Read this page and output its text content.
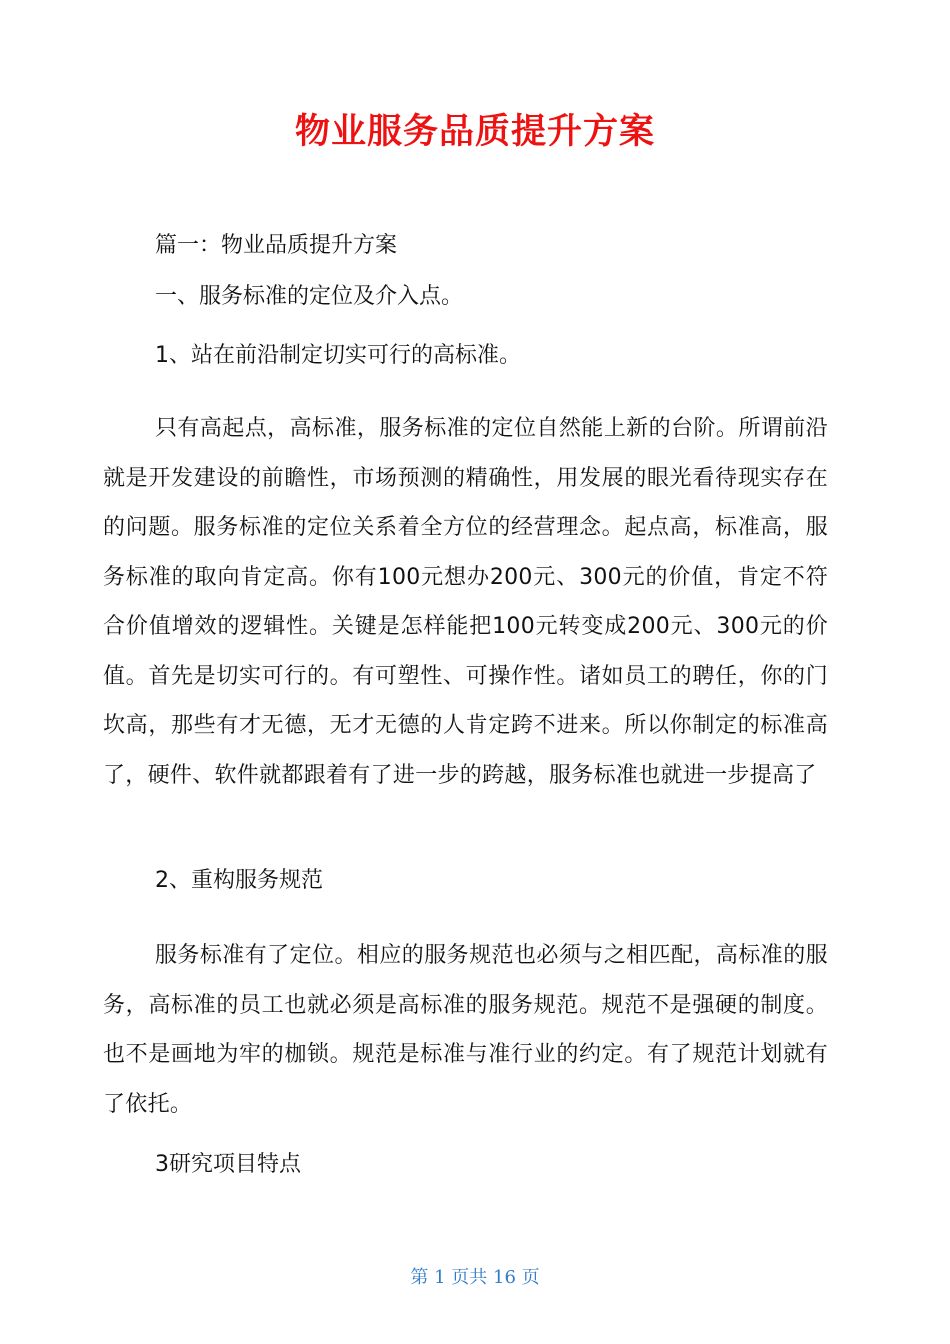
物业服务品质提升方案

篇一：物业品质提升方案

一、服务标准的定位及介入点。

1、站在前沿制定切实可行的高标准。

只有高起点，高标准，服务标准的定位自然能上新的台阶。所谓前沿就是开发建设的前瞻性，市场预测的精确性，用发展的眼光看待现实存在的问题。服务标准的定位关系着全方位的经营理念。起点高，标准高，服务标准的取向肯定高。你有100元想办200元、300元的价值，肯定不符合价值增效的逻辑性。关键是怎样能把100元转变成200元、300元的价值。首先是切实可行的。有可塑性、可操作性。诸如员工的聘任，你的门坎高，那些有才无德，无才无德的人肯定跨不进来。所以你制定的标准高了，硬件、软件就都跟着有了进一步的跨越，服务标准也就进一步提高了

2、重构服务规范

服务标准有了定位。相应的服务规范也必须与之相匹配，高标准的服务，高标准的员工也就必须是高标准的服务规范。规范不是强硬的制度。也不是画地为牢的枷锁。规范是标准与准行业的约定。有了规范计划就有了依托。

3研究项目特点

第 1 页共 16 页
